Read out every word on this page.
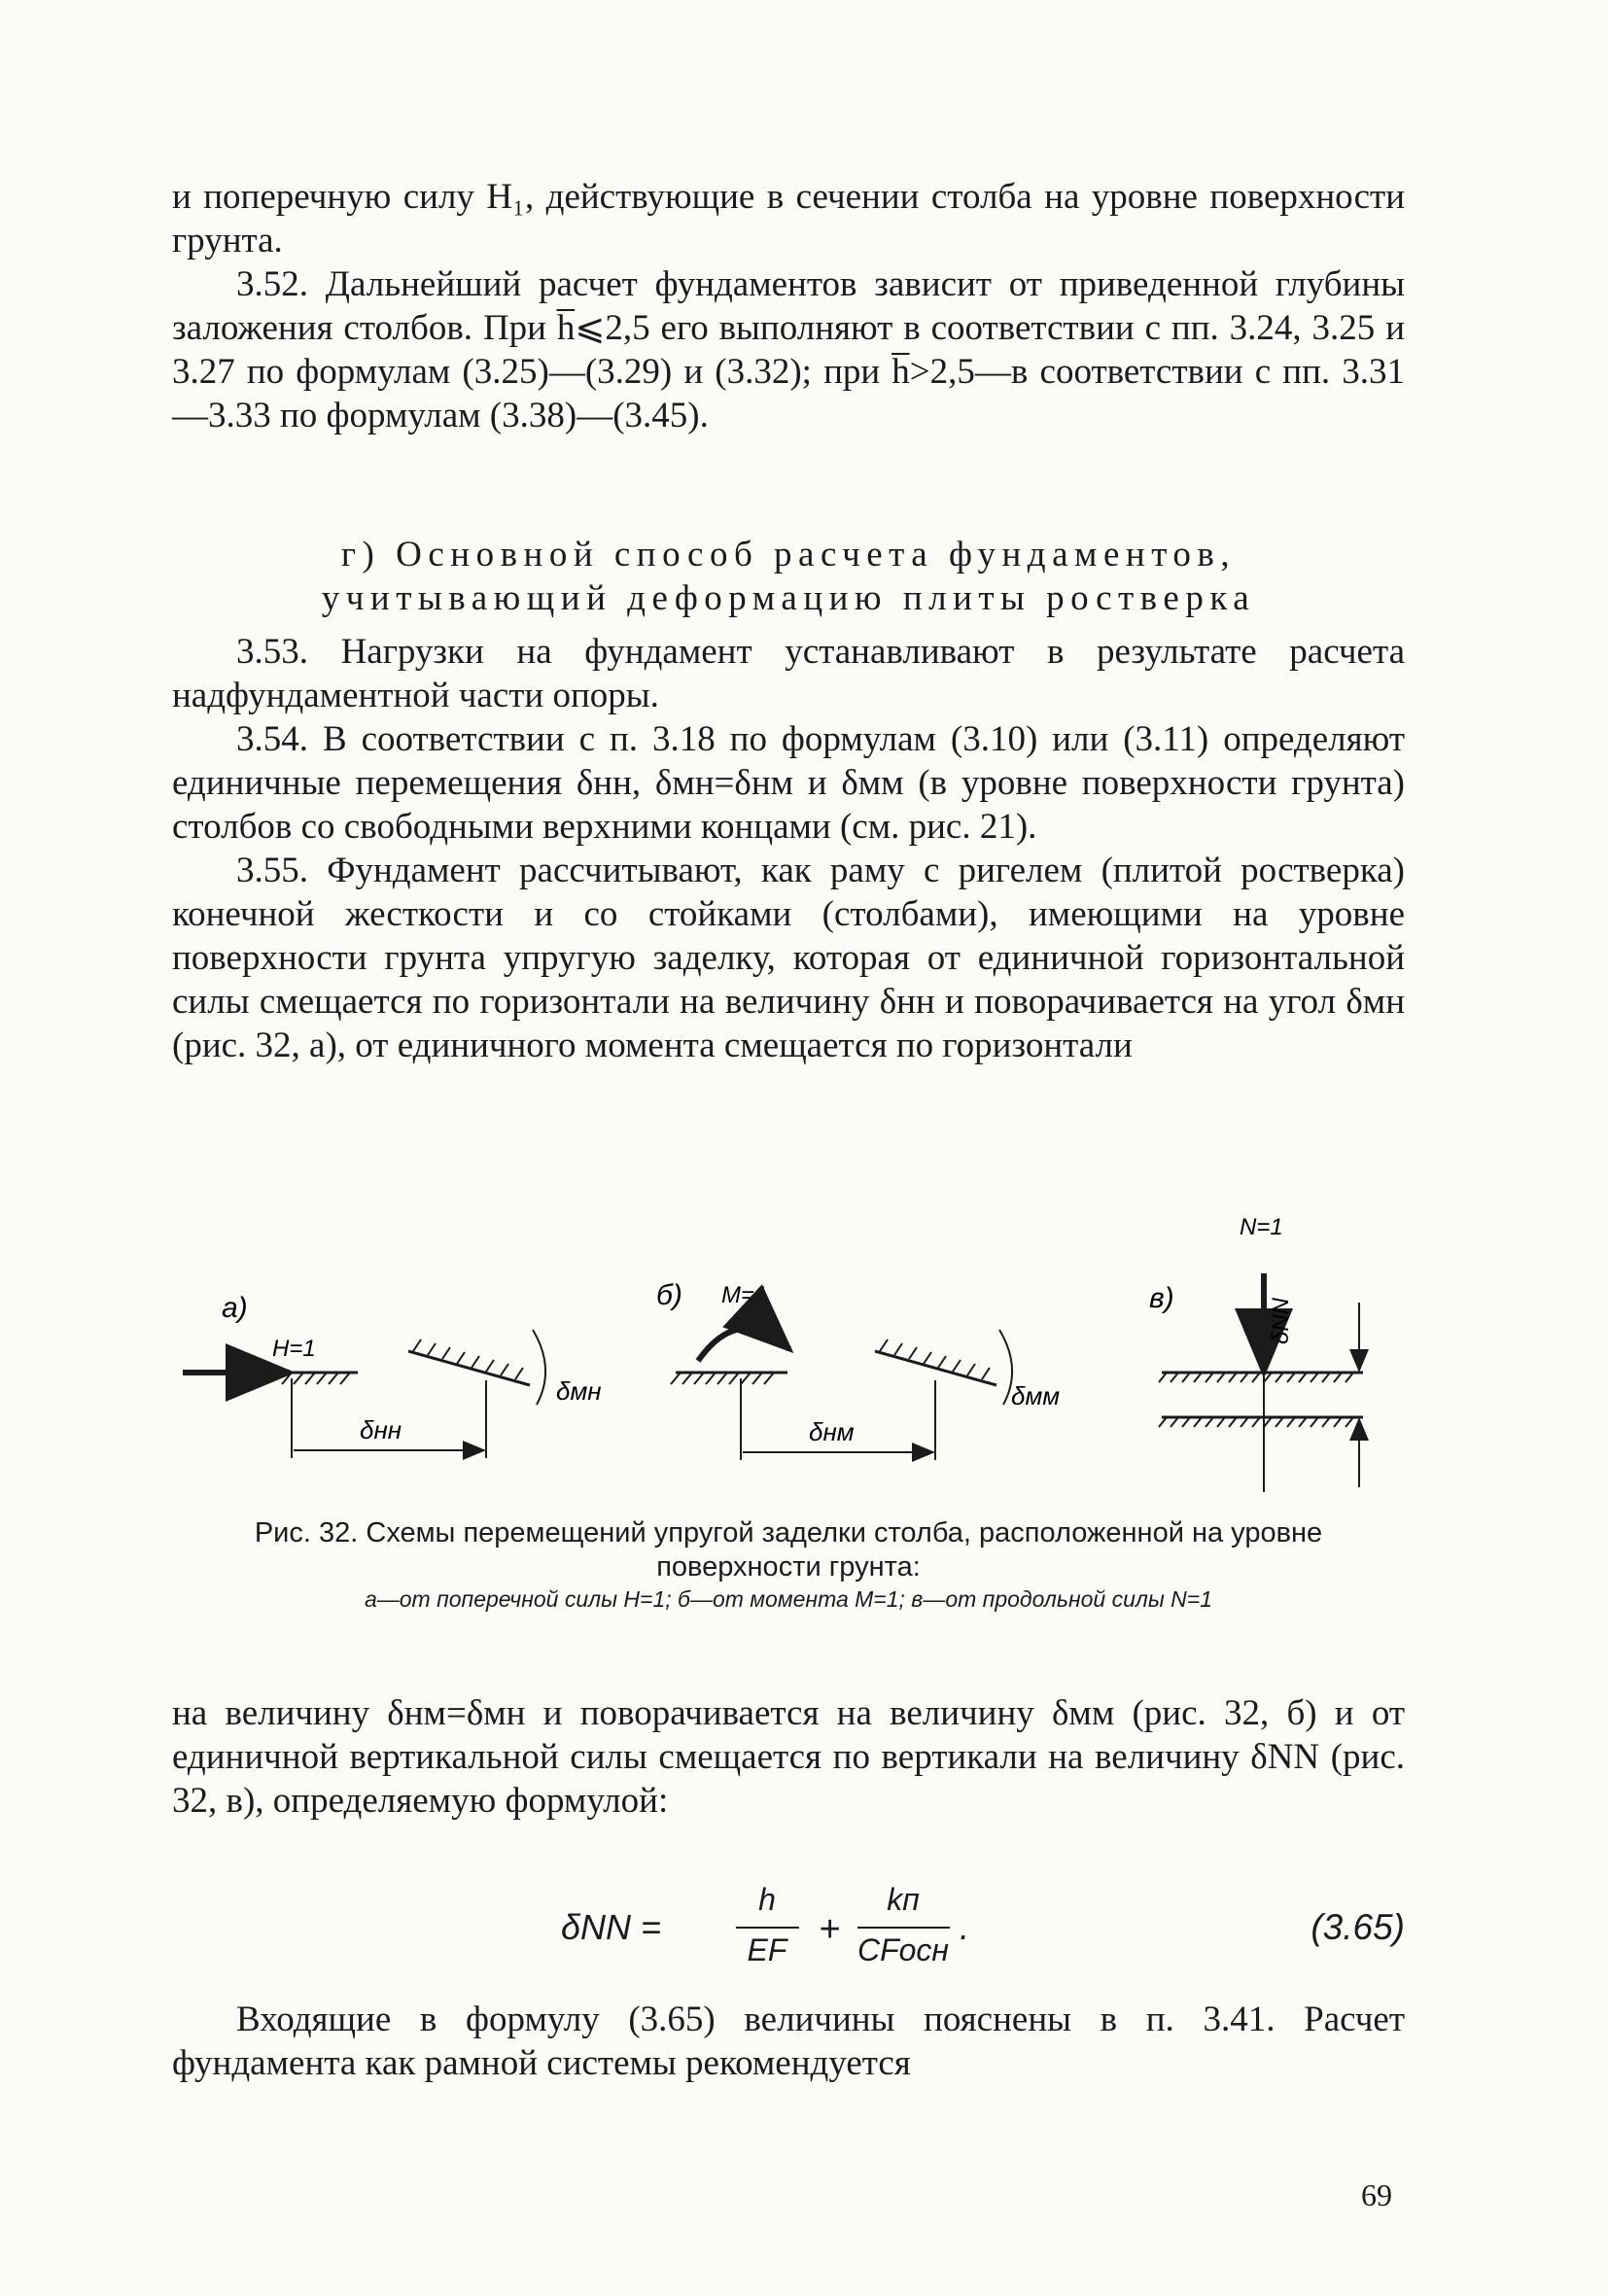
и поперечную силу H₁, действующие в сечении столба на уровне поверхности грунта.

3.52. Дальнейший расчет фундаментов зависит от приведенной глубины заложения столбов. При h̅⩽2,5 его выполняют в соответствии с пп. 3.24, 3.25 и 3.27 по формулам (3.25)—(3.29) и (3.32); при h̅>2,5—в соответствии с пп. 3.31—3.33 по формулам (3.38)—(3.45).

г) Основной способ расчета фундаментов,

учитывающий деформацию плиты ростверка

3.53. Нагрузки на фундамент устанавливают в результате расчета надфундаментной части опоры.

3.54. В соответствии с п. 3.18 по формулам (3.10) или (3.11) определяют единичные перемещения δнн, δмн=δнм и δмм (в уровне поверхности грунта) столбов со свободными верхними концами (см. рис. 21).

3.55. Фундамент рассчитывают, как раму с ригелем (плитой ростверка) конечной жесткости и со стойками (столбами), имеющими на уровне поверхности грунта упругую заделку, которая от единичной горизонтальной силы смещается по горизонтали на величину δнн и поворачивается на угол δмн (рис. 32, а), от единичного момента смещается по горизонтали

а)
H=1
δмн
δнн
б) M=1
δмм
δнм
в)
N=1
δNN
Рис. 32. Схемы перемещений упругой заделки столба, расположенной на уровне поверхности грунта:
а—от поперечной силы H=1; б—от момента M=1; в—от продольной силы N=1

на величину δнм=δмн и поворачивается на величину δмм (рис. 32, б) и от единичной вертикальной силы смещается по вертикали на величину δNN (рис. 32, в), определяемую формулой:

δNN =
h
EF +
kп
CFосн
.	(3.65)

Входящие в формулу (3.65) величины пояснены в п. 3.41. Расчет фундамента как рамной системы рекомендуется

69
